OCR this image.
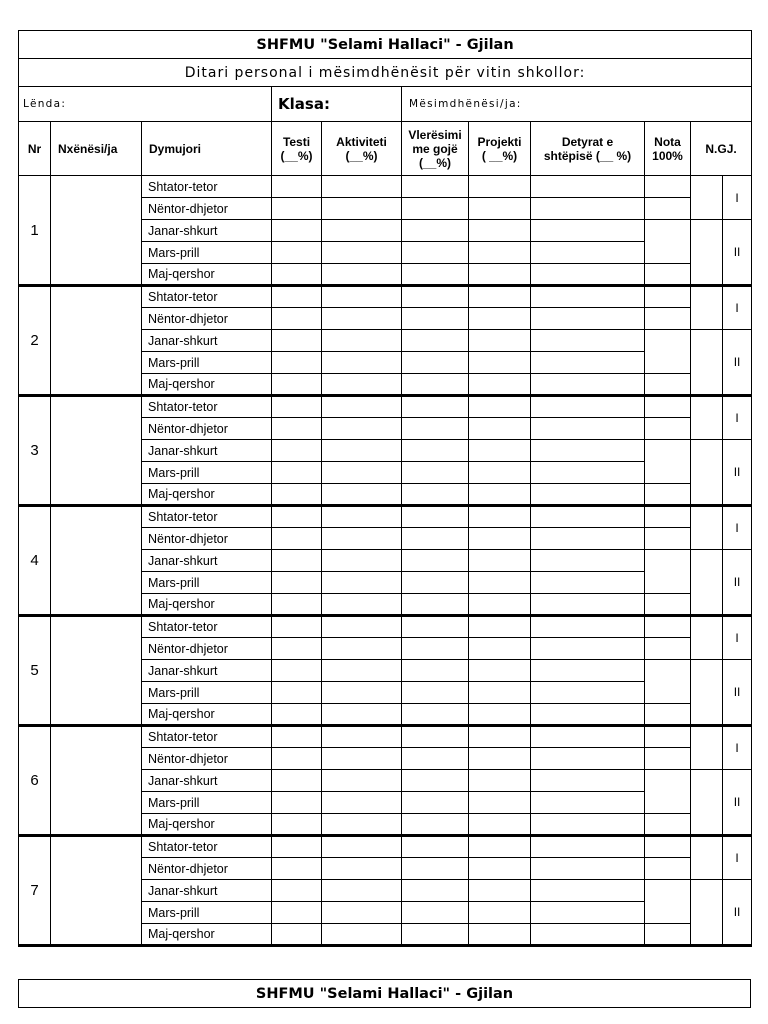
SHFMU "Selami Hallaci" - Gjilan										
Ditari personal i mësimdhënësit për vitin shkollor:										
Lënda:			Klasa:		Mësimdhënësi/ja:					
Nr	Nxënësi/ja	Dymujori	Testi
(__%)	Aktiviteti
(__%)	Vlerësimi
me gojë
(__%)	Projekti
( __%)	Detyrat e
shtëpisë (__ %)	Nota
100%	N.GJ.	
1		Shtator-tetor								I
		Nëntor-dhjetor								
		Janar-shkurt								II
		Mars-prill								
		Maj-qershor								
2		Shtator-tetor								I
		Nëntor-dhjetor								
		Janar-shkurt								II
		Mars-prill								
		Maj-qershor								
3		Shtator-tetor								I
		Nëntor-dhjetor								
		Janar-shkurt								II
		Mars-prill								
		Maj-qershor								
4		Shtator-tetor								I
		Nëntor-dhjetor								
		Janar-shkurt								II
		Mars-prill								
		Maj-qershor								
5		Shtator-tetor								I
		Nëntor-dhjetor								
		Janar-shkurt								II
		Mars-prill								
		Maj-qershor								
6		Shtator-tetor								I
		Nëntor-dhjetor								
		Janar-shkurt								II
		Mars-prill								
		Maj-qershor								
7		Shtator-tetor								I
		Nëntor-dhjetor								
		Janar-shkurt								II
		Mars-prill								
		Maj-qershor								
SHFMU "Selami Hallaci" - Gjilan
